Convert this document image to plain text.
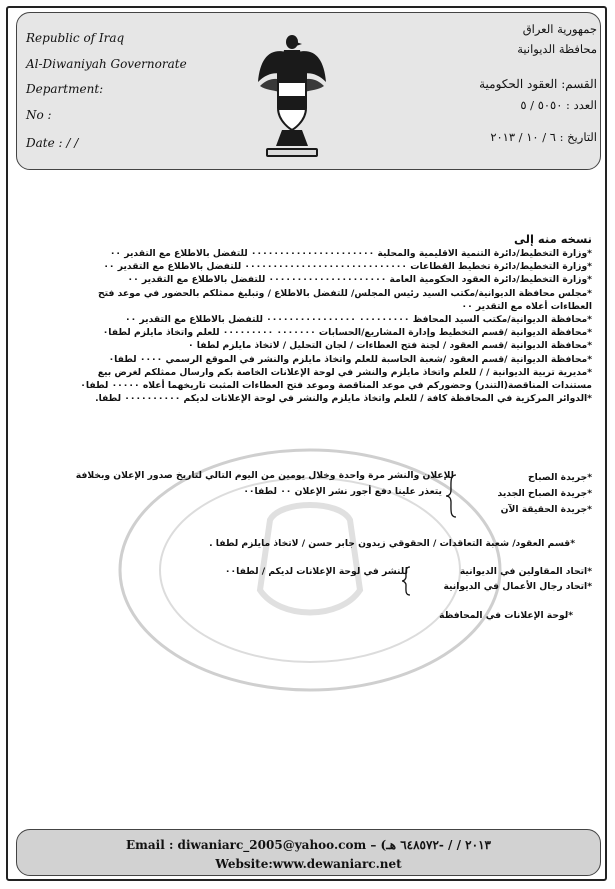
Republic of Iraq
Al-Diwaniyah Governorate
Department:
No :
Date : / /
جمهورية العراق
محافظة الديوانية
القسم: العقود الحكومية
العدد : ٥٠٥٠ / ٥
التاريخ : ٦ / ١٠ / ٢٠١٣
نسخه منه إلى
*وزارة التخطيط/دائرة التنمية الاقليمية والمحلية ٠٠٠٠٠٠٠٠٠٠٠٠٠٠٠٠٠٠٠٠٠٠ للتفضل بالاطلاع مع التقدير ٠٠
*وزارة التخطيط/دائرة تخطيط القطاعات ٠٠٠٠٠٠٠٠٠٠٠٠٠٠٠٠٠٠٠٠٠٠٠٠٠٠٠٠٠ للتفضل بالاطلاع مع التقدير ٠٠
*وزارة التخطيط/دائرة العقود الحكومية العامة ٠٠٠٠٠٠٠٠٠٠٠٠٠٠٠٠٠٠٠٠٠ للتفضل بالاطلاع مع التقدير ٠٠
*مجلس محافظة الديوانية/مكتب السيد رئيس المجلس/ للتفضل بالاطلاع / وتبليغ ممثلكم بالحضور في موعد فتح
العطاءات أعلاه مع التقدير ٠٠
*محافظة الديوانية/مكتب السيد المحافظ ٠٠٠٠٠٠٠٠٠ ٠٠٠٠٠٠٠٠٠٠٠٠٠٠٠٠ للتفضل بالاطلاع مع التقدير ٠٠
*محافظة الديوانية /قسم التخطيط وإدارة المشاريع/الحسابات ٠٠٠٠٠٠٠ ٠٠٠٠٠٠٠٠٠ للعلم واتخاذ مايلزم لطفا٠
*محافظة الديوانية /قسم العقود / لجنة فتح العطاءات / لجان التحليل / لاتخاذ مايلزم لطفا ٠
*محافظة الديوانية /قسم العقود /شعبة الحاسبة للعلم واتخاذ مايلزم والنشر في الموقع الرسمي ٠٠٠٠ لطفا٠
*مديرية تربية الديوانية / / للعلم واتخاذ مايلزم والنشر في لوحة الإعلانات الخاصة بكم وارسال ممثلكم لغرض بيع
مستندات المناقصة(التندر) وحضوركم في موعد المناقصة وموعد فتح العطاءات المثبت تاريخهما أعلاه ٠٠٠٠٠ لطفا٠
*الدوائر المركزية في المحافظة كافة / للعلم واتخاذ مايلزم والنشر في لوحة الإعلانات لديكم ٠٠٠٠٠٠٠٠٠٠ لطفا.
*جريدة الصباح
*جريدة الصباح الجديد
*جريدة الحقيقة الآن
للإعلان والنشر مرة واحدة وخلال يومين من اليوم التالي لتاريخ صدور الإعلان وبخلافة
يتعذر علينا دفع أجور نشر الإعلان ٠٠ لطفا٠٠
*قسم العقود/ شعبة التعاقدات / الحقوقي زيدون جابر حسن / لاتخاذ مايلزم لطفا .
*اتحاد المقاولين في الديوانية
*اتحاد رجال الأعمال في الديوانية
للنشر في لوحة الإعلانات لديكم / لطفا٠٠
*لوحة الإعلانات في المحافظة
Email : diwaniarc_2005@yahoo.com – (٢٠١٣ / / -٦٤٨٥٧٢ هـ
Website:www.dewaniarc.net
